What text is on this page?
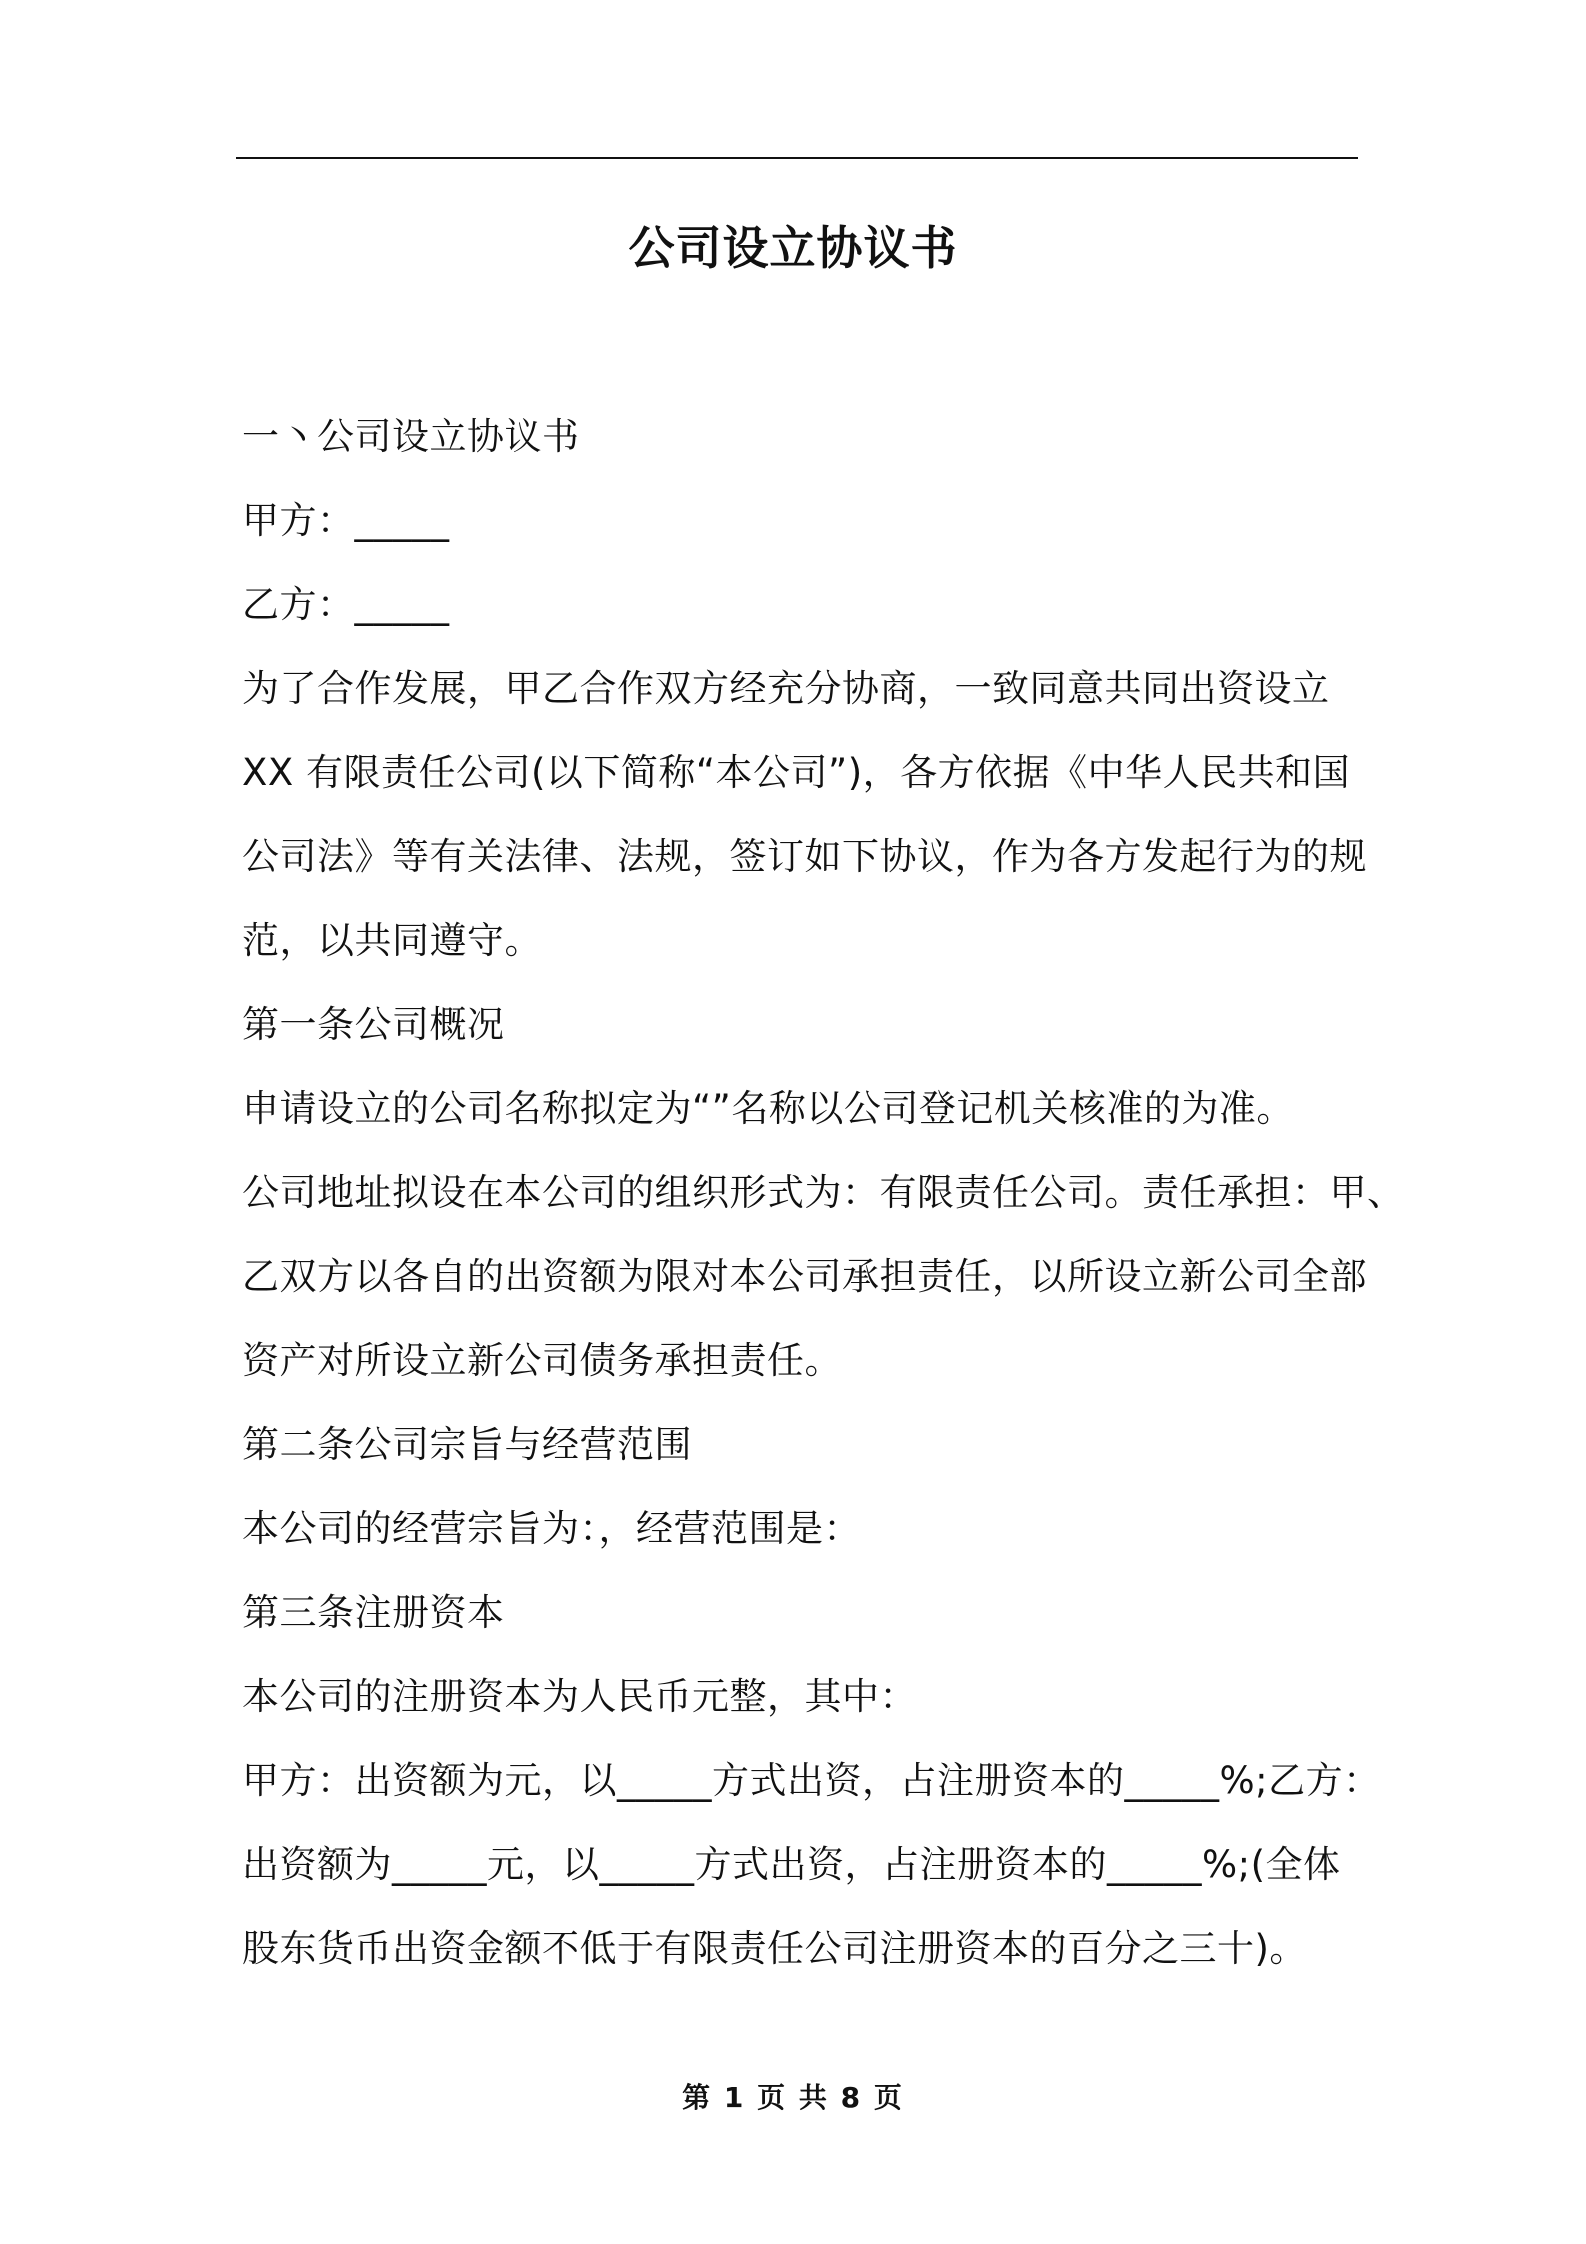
公司设立协议书
一丶公司设立协议书
甲方：_____
乙方：_____
为了合作发展，甲乙合作双方经充分协商，一致同意共同出资设立
XX 有限责任公司(以下简称“本公司”)，各方依据《中华人民共和国
公司法》等有关法律、法规，签订如下协议，作为各方发起行为的规
范，以共同遵守。
第一条公司概况
申请设立的公司名称拟定为“”名称以公司登记机关核准的为准。
公司地址拟设在本公司的组织形式为：有限责任公司。责任承担：甲、
乙双方以各自的出资额为限对本公司承担责任，以所设立新公司全部
资产对所设立新公司债务承担责任。
第二条公司宗旨与经营范围
本公司的经营宗旨为：，经营范围是：
第三条注册资本
本公司的注册资本为人民币元整，其中：
甲方：出资额为元，以_____方式出资，占注册资本的_____%;乙方：
出资额为_____元，以_____方式出资，占注册资本的_____%;(全体
股东货币出资金额不低于有限责任公司注册资本的百分之三十)。
第 1 页 共 8 页
